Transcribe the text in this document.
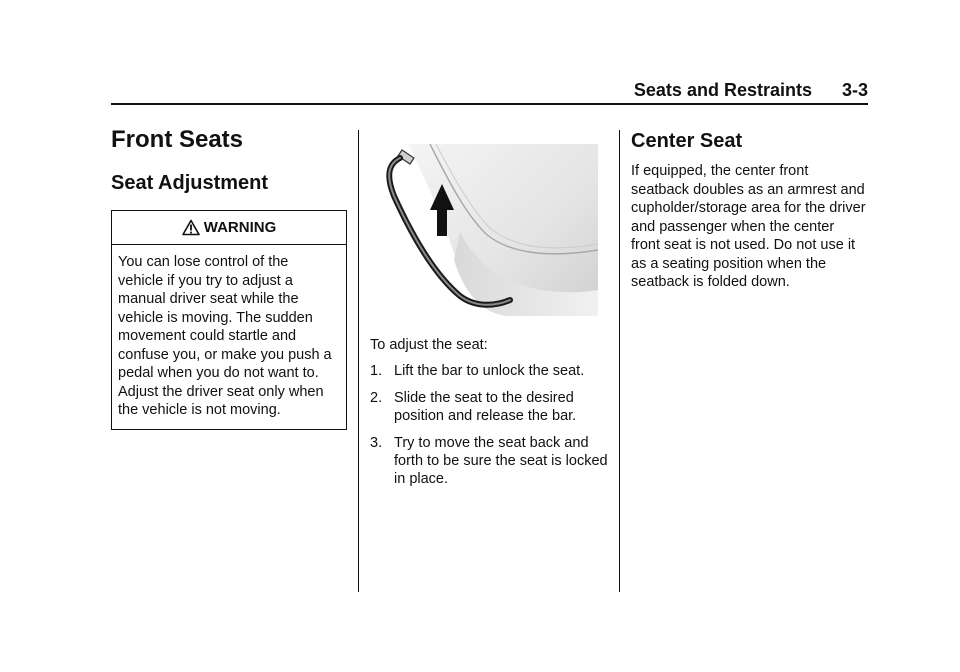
Seats and Restraints 3-3
Front Seats
Seat Adjustment
WARNING
You can lose control of the
vehicle if you try to adjust a
manual driver seat while the
vehicle is moving. The sudden
movement could startle and
confuse you, or make you push a
pedal when you do not want to.
Adjust the driver seat only when
the vehicle is not moving.
To adjust the seat:
1. Lift the bar to unlock the seat.
2. Slide the seat to the desired position and release the bar.
3. Try to move the seat back and forth to be sure the seat is locked in place.
Center Seat

If equipped, the center front
seatback doubles as an armrest and
cupholder/storage area for the driver
and passenger when the center
front seat is not used. Do not use it
as a seating position when the
seatback is folded down.
